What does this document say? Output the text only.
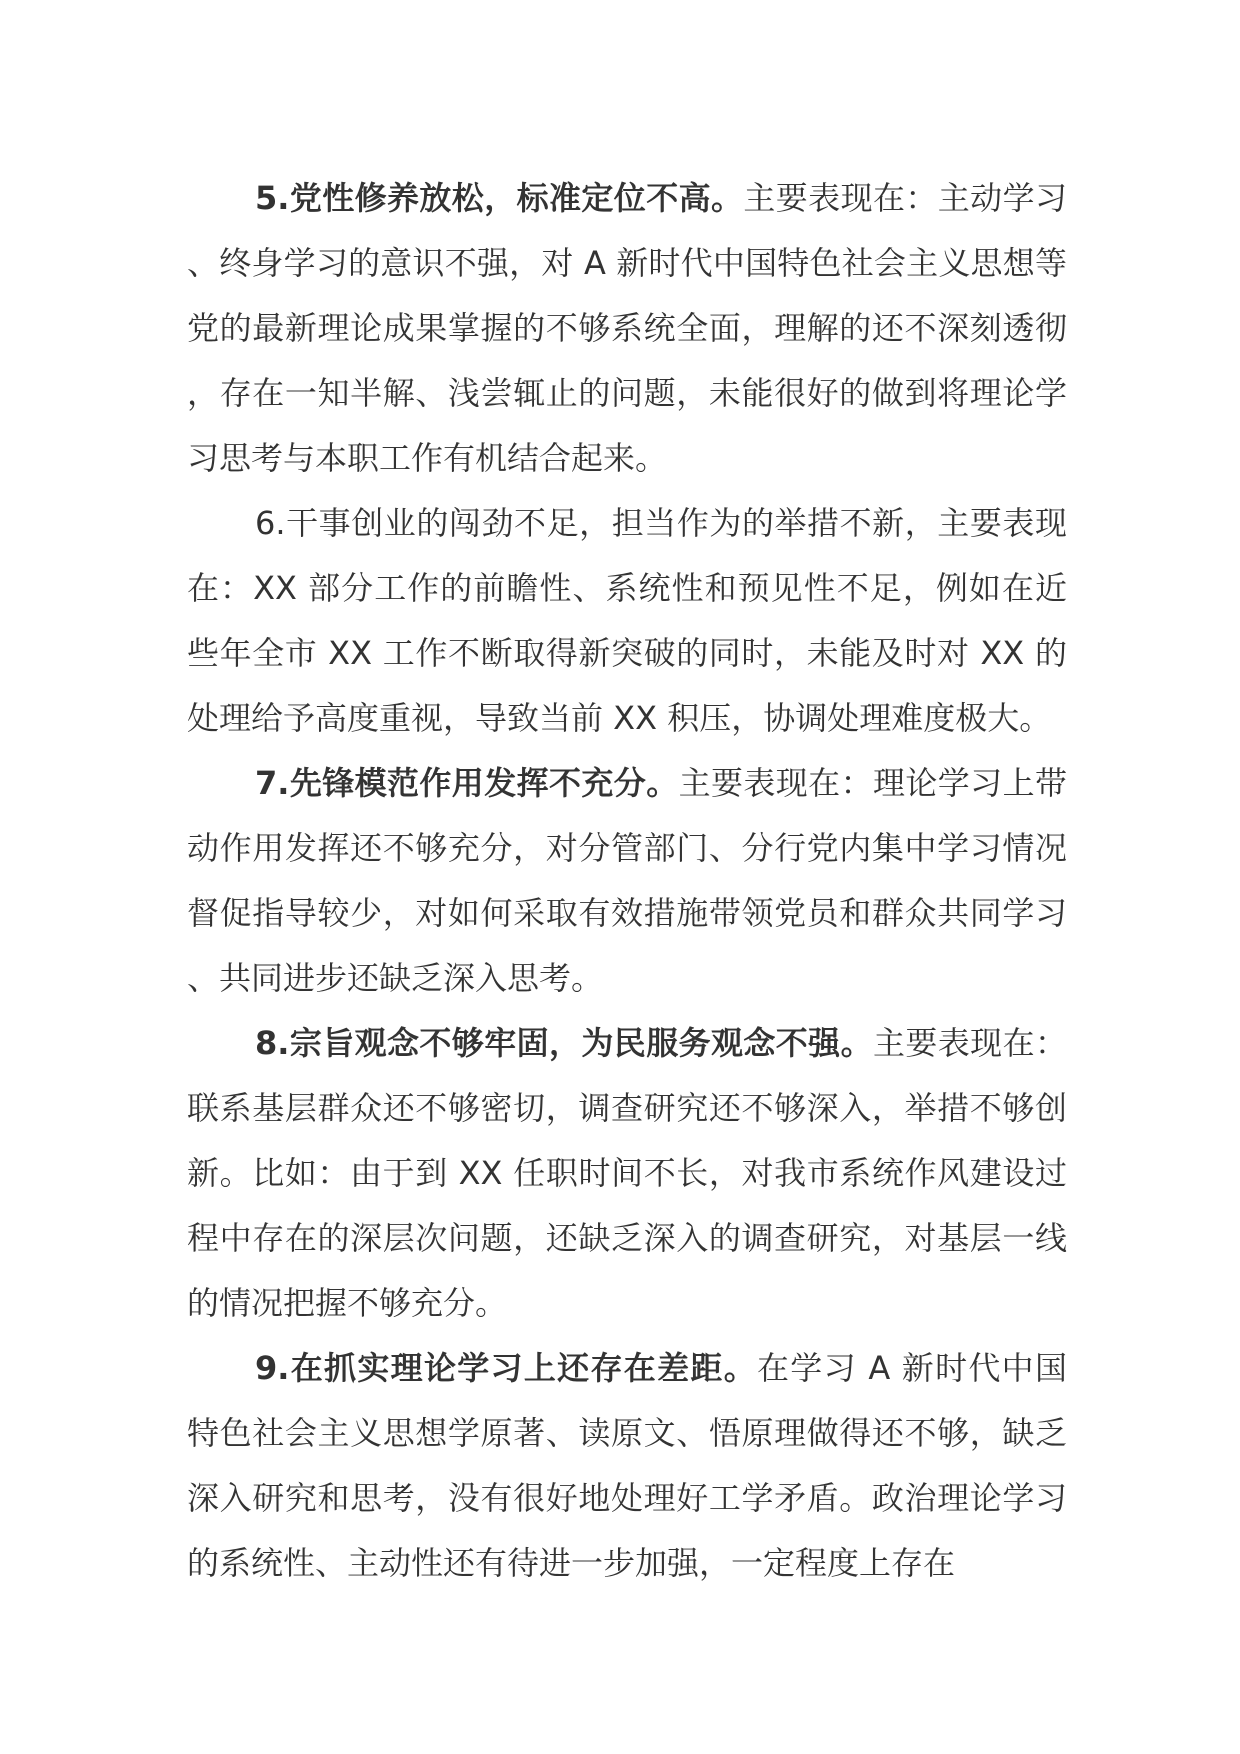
5.党性修养放松，标准定位不高。主要表现在：主动学习、终身学习的意识不强，对 A 新时代中国特色社会主义思想等党的最新理论成果掌握的不够系统全面，理解的还不深刻透彻，存在一知半解、浅尝辄止的问题，未能很好的做到将理论学习思考与本职工作有机结合起来。

6.干事创业的闯劲不足，担当作为的举措不新，主要表现在：XX 部分工作的前瞻性、系统性和预见性不足，例如在近些年全市 XX 工作不断取得新突破的同时，未能及时对 XX 的处理给予高度重视，导致当前 XX 积压，协调处理难度极大。

7.先锋模范作用发挥不充分。主要表现在：理论学习上带动作用发挥还不够充分，对分管部门、分行党内集中学习情况督促指导较少，对如何采取有效措施带领党员和群众共同学习、共同进步还缺乏深入思考。

8.宗旨观念不够牢固，为民服务观念不强。主要表现在：联系基层群众还不够密切，调查研究还不够深入，举措不够创新。比如：由于到 XX 任职时间不长，对我市系统作风建设过程中存在的深层次问题，还缺乏深入的调查研究，对基层一线的情况把握不够充分。

9.在抓实理论学习上还存在差距。在学习 A 新时代中国特色社会主义思想学原著、读原文、悟原理做得还不够，缺乏深入研究和思考，没有很好地处理好工学矛盾。政治理论学习的系统性、主动性还有待进一步加强，一定程度上存在
